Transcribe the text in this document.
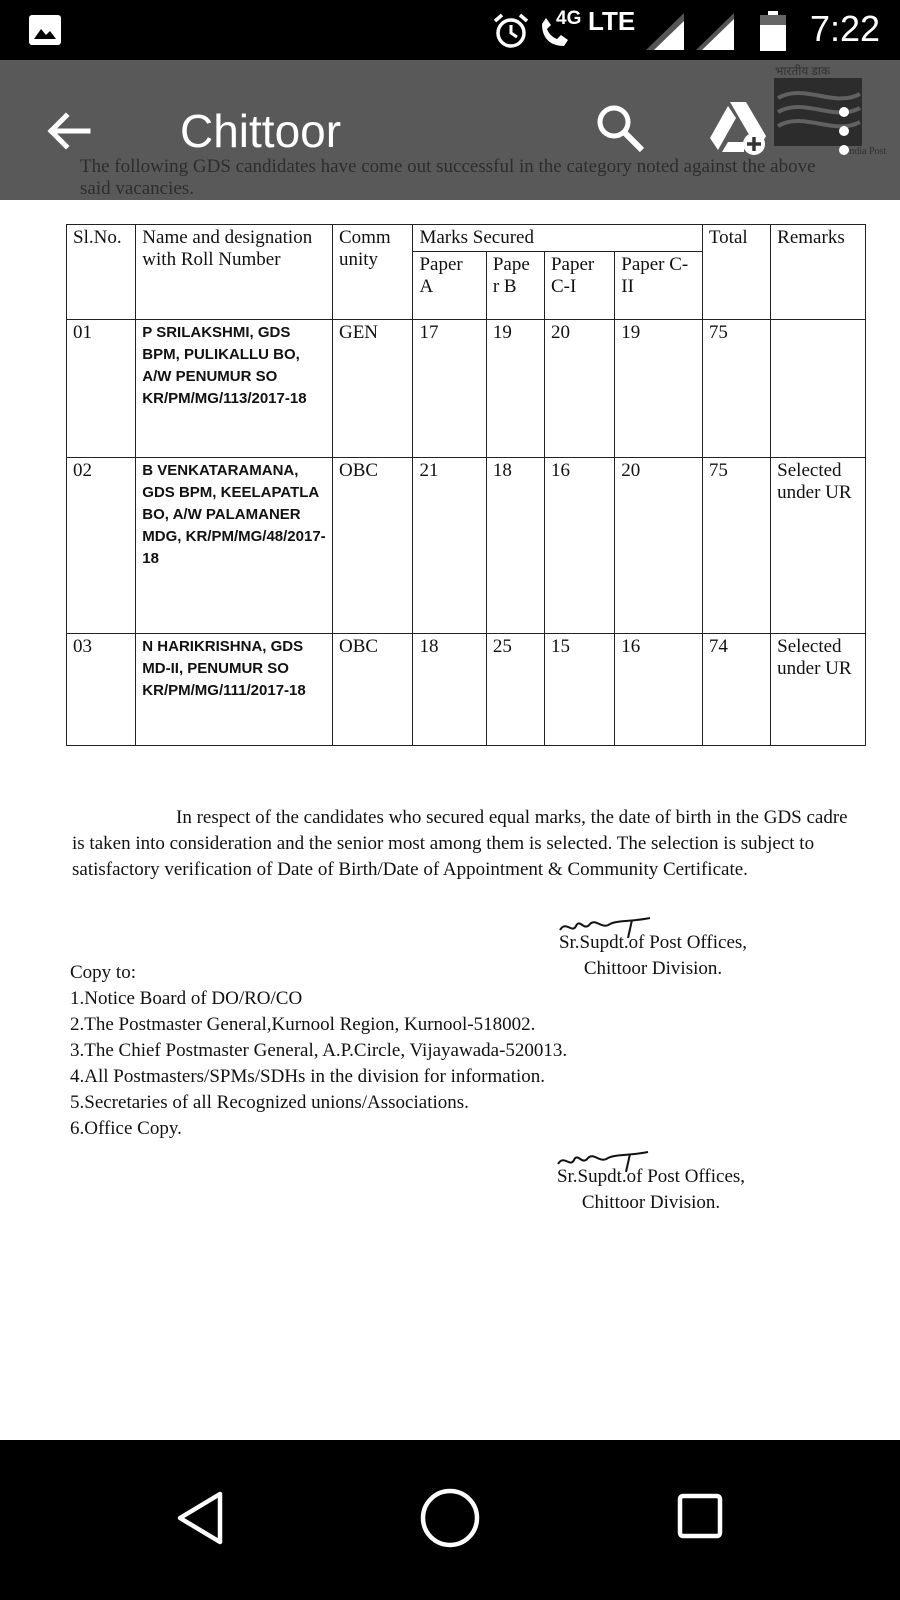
4G LTE	7:22

Chittoor
Sl.No.	Name and designation with Roll Number	Comm unity	Marks Secured				Total	Remarks
			Paper A	Pape r B	Paper C-I	Paper C-II		
01	P SRILAKSHMI, GDS BPM, PULIKALLU BO, A/W PENUMUR SO KR/PM/MG/113/2017-18	GEN	17	19	20	19	75	
02	B VENKATARAMANA, GDS BPM, KEELAPATLA BO, A/W PALAMANER MDG, KR/PM/MG/48/2017-18	OBC	21	18	16	20	75	Selected under UR
03	N HARIKRISHNA, GDS MD-II, PENUMUR SO KR/PM/MG/111/2017-18	OBC	18	25	15	16	74	Selected under UR

In respect of the candidates who secured equal marks, the date of birth in the GDS cadre is taken into consideration and the senior most among them is selected. The selection is subject to satisfactory verification of Date of Birth/Date of Appointment & Community Certificate.

Sr.Supdt.of Post Offices,
Chittoor Division.
Copy to:
1.Notice Board of DO/RO/CO
2.The Postmaster General,Kurnool Region, Kurnool-518002.
3.The Chief Postmaster General, A.P.Circle, Vijayawada-520013.
4.All Postmasters/SPMs/SDHs in the division for information.
5.Secretaries of all Recognized unions/Associations.
6.Office Copy.
Sr.Supdt.of Post Offices,
Chittoor Division.
